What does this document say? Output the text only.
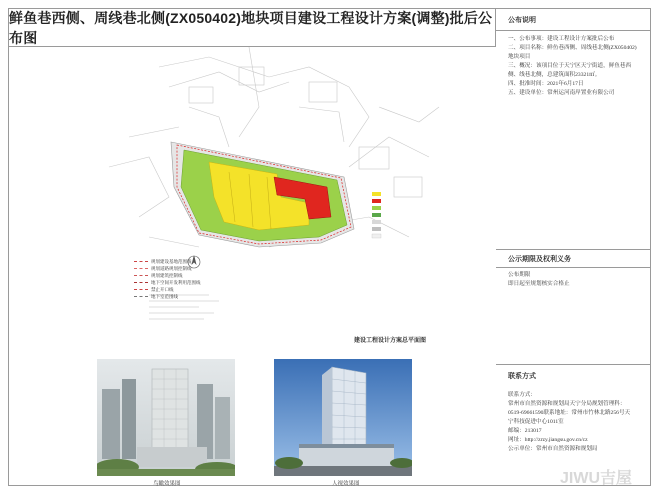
鲜鱼巷西侧、周线巷北侧(ZX050402)地块项目建设工程设计方案(调整)批后公布图
规划建设基地范围线
规划道路规划控制线
规划建筑控制线
地下空间开发利用范围线
禁止开口线
地下室范围线
建设工程设计方案总平面图
鸟瞰效果图	人视效果图
公布说明

一、公布事项：建设工程设计方案批后公布

二、项目名称：鲜鱼巷西侧、周线巷北侧(ZX050402)

地块项目

三、概况：该项目位于天宁区天宁街道，鲜鱼巷西

侧、线巷北侧，总建筑面积23321㎡。

四、批准时间：2021年6月17日

五、建设单位：常州运河南岸置业有限公司

公示期限及权利义务

公布期限

即日起至规划核实合格止

联系方式

联系方式：

常州市自然资源和规划局天宁分局规划管理科：

0519-69661590联系地址：常州市竹林北路256号天

宁科技促进中心1011室

邮编：213017

网址：http://zrzy.jiangsu.gov.cn/cz

公示单位：常州市自然资源和规划局

JIWU吉屋
